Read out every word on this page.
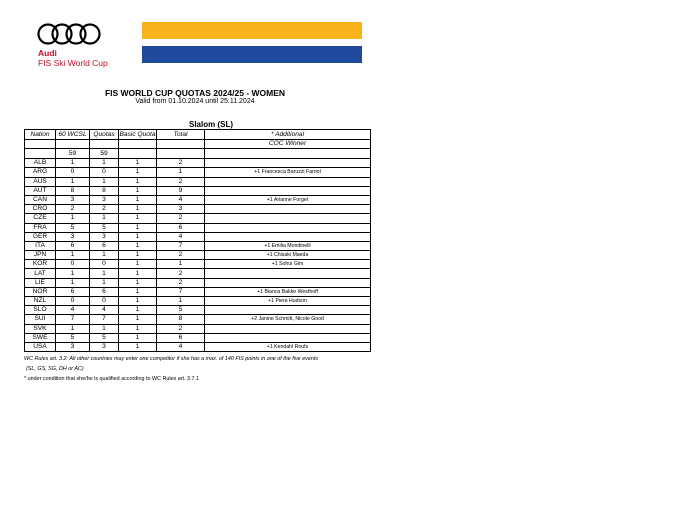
Audi
FIS Ski World Cup
FIS WORLD CUP QUOTAS 2024/25 - WOMEN
Valid from 01.10.2024 until 25.11.2024
Slalom (SL)
Nation	60 WCSL	Quotas	Basic Quota	Total	* Additional
					COC Winner
	59	59			
ALB	1	1	1	2	
ARG	0	0	1	1	+1 Francesca Baruzzi Farriol
AUS	1	1	1	2	
AUT	8	8	1	9	
CAN	3	3	1	4	+1 Arianne Forget
CRO	2	2	1	3	
CZE	1	1	1	2	
FRA	5	5	1	6	
GER	3	3	1	4	
ITA	6	6	1	7	+1 Emilia Mondinelli
JPN	1	1	1	2	+1 Chisaki Maeda
KOR	0	0	1	1	+1 Sohui Gim
LAT	1	1	1	2	
LIE	1	1	1	2	
NOR	6	6	1	7	+1 Bianca Bakke Westhoff
NZL	0	0	1	1	+1 Piera Hudson
SLO	4	4	1	5	
SUI	7	7	1	8	+2 Janine Schmitt, Nicole Good
SVK	1	1	1	2	
SWE	5	5	1	6	
USA	3	3	1	4	+1 Kendahl Roufs
WC Rules art. 3.2: All other countries may enter one competitor if she has a max. of 140 FIS points in one of the five events
(SL, GS, SG, DH or AC)
* under condition that she/he is qualified according to WC Rules art. 3.7.1
